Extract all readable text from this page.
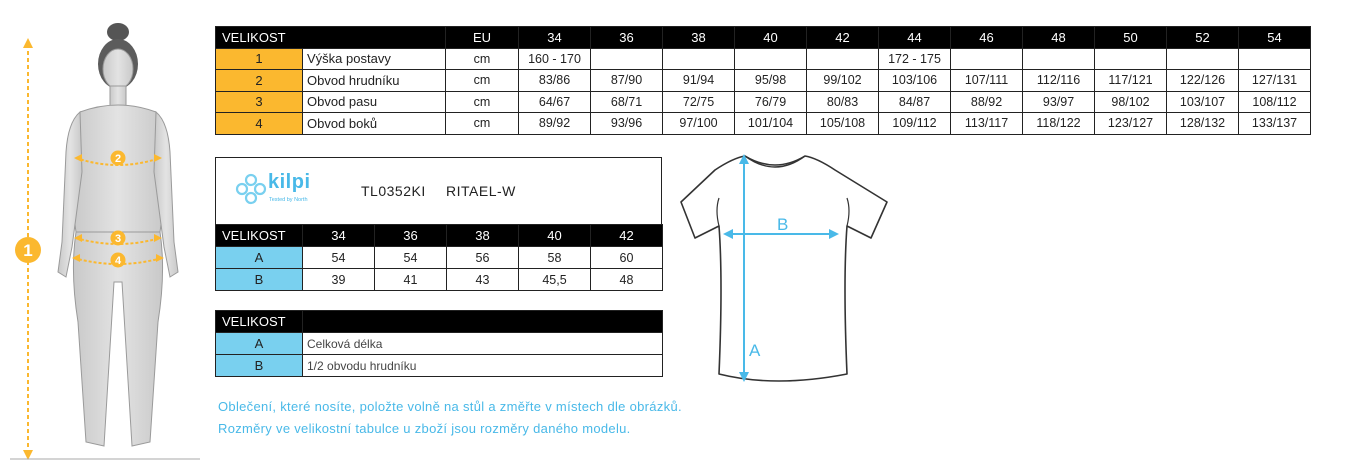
1
2
3
4
VELIKOST		EU	34	36	38	40	42	44	46	48	50	52	54
1	Výška postavy	cm	160 - 170					172 - 175					
2	Obvod hrudníku	cm	83/86	87/90	91/94	95/98	99/102	103/106	107/111	112/116	117/121	122/126	127/131
3	Obvod pasu	cm	64/67	68/71	72/75	76/79	80/83	84/87	88/92	93/97	98/102	103/107	108/112
4	Obvod boků	cm	89/92	93/96	97/100	101/104	105/108	109/112	113/117	118/122	123/127	128/132	133/137
kilpi
Tested by North
TL0352KI RITAEL-W
VELIKOST	34	36	38	40	42
A	54	54	56	58	60
B	39	41	43	45,5	48
VELIKOST	
A	Celková délka
B	1/2 obvodu hrudníku
A
B
Oblečení, které nosíte, položte volně na stůl a změřte v místech dle obrázků.
Rozměry ve velikostní tabulce u zboží jsou rozměry daného modelu.
